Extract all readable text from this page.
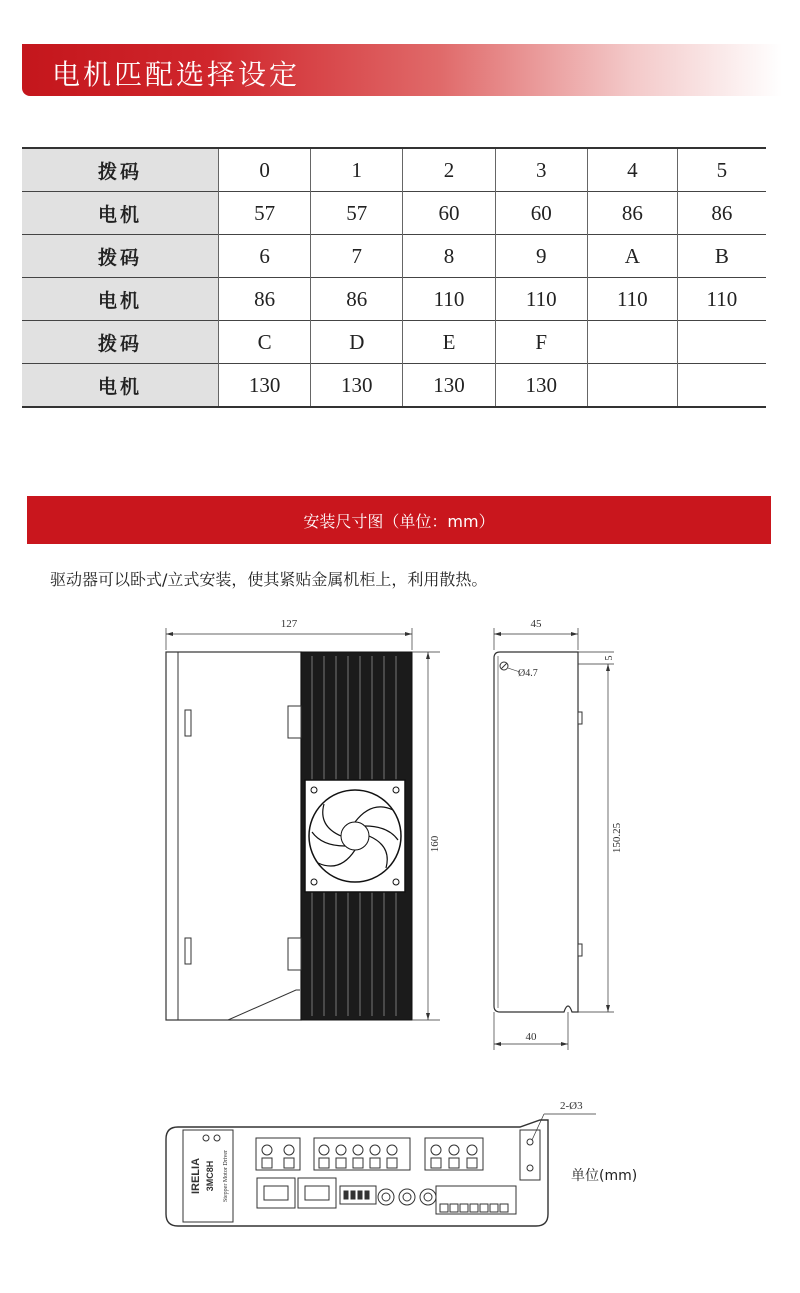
电机匹配选择设定
拨码	0	1	2	3	4	5
电机	57	57	60	60	86	86
拨码	6	7	8	9	A	B
电机	86	86	110	110	110	110
拨码	C	D	E	F		
电机	130	130	130	130		
安装尺寸图（单位：mm）
驱动器可以卧式/立式安装，使其紧贴金属机柜上，利用散热。
127
160
45
Ø4.7
5
150.25
40
IRELIA 3MC8H Stepper Motor Driver
2-Ø3
单位(mm)
